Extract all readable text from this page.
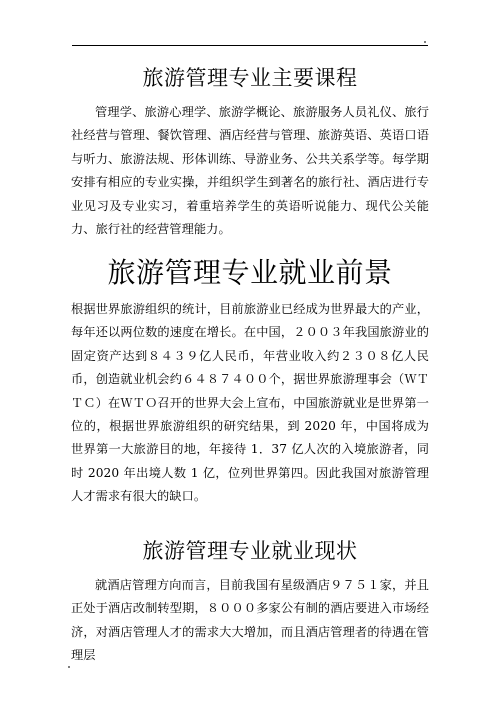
旅游管理专业主要课程

管理学、旅游心理学、旅游学概论、旅游服务人员礼仪、旅行社经营与管理、餐饮管理、酒店经营与管理、旅游英语、英语口语与听力、旅游法规、形体训练、导游业务、公共关系学等。每学期安排有相应的专业实操，并组织学生到著名的旅行社、酒店进行专业见习及专业实习，着重培养学生的英语听说能力、现代公关能力、旅行社的经营管理能力。

旅游管理专业就业前景

根据世界旅游组织的统计，目前旅游业已经成为世界最大的产业，每年还以两位数的速度在增长。在中国，２００３年我国旅游业的固定资产达到８４３９亿人民币，年营业收入约２３０８亿人民币，创造就业机会约６４８７４００个，据世界旅游理事会（ＷＴＴＣ）在ＷＴＯ召开的世界大会上宣布，中国旅游就业是世界第一位的，根据世界旅游组织的研究结果，到 2020 年，中国将成为世界第一大旅游目的地，年接待 1．37 亿人次的入境旅游者，同时 2020 年出境人数 1 亿，位列世界第四。因此我国对旅游管理人才需求有很大的缺口。

旅游管理专业就业现状

就酒店管理方向而言，目前我国有星级酒店９７５１家，并且正处于酒店改制转型期，８０００多家公有制的酒店要进入市场经济，对酒店管理人才的需求大大增加，而且酒店管理者的待遇在管理层
